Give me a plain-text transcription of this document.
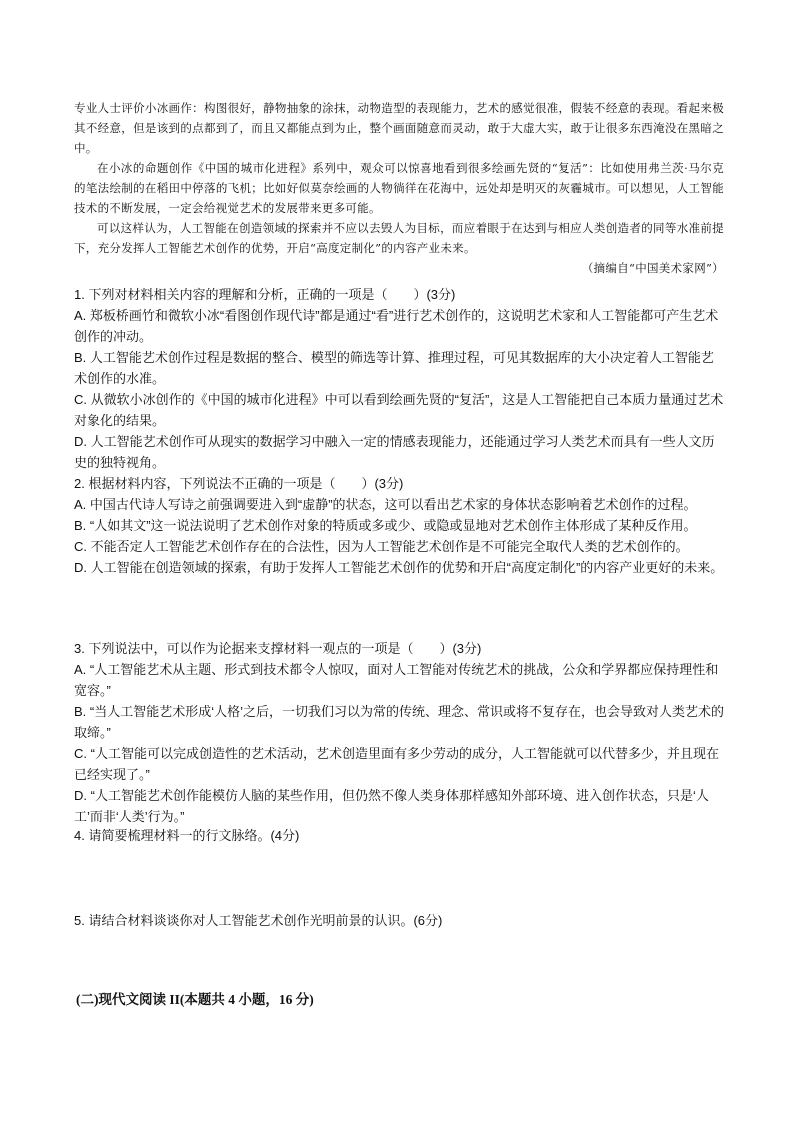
专业人士评价小冰画作：构图很好，静物抽象的涂抹，动物造型的表现能力，艺术的感觉很准，假装不经意的表现。看起来极其不经意，但是该到的点都到了，而且又都能点到为止，整个画面随意而灵动，敢于大虚大实，敢于让很多东西淹没在黑暗之中。

在小冰的命题创作《中国的城市化进程》系列中，观众可以惊喜地看到很多绘画先贤的“复活”：比如使用弗兰茨·马尔克的笔法绘制的在稻田中停落的飞机；比如好似莫奈绘画的人物徜徉在花海中，远处却是明灭的灰霾城市。可以想见，人工智能技术的不断发展，一定会给视觉艺术的发展带来更多可能。

可以这样认为，人工智能在创造领域的探索并不应以去毁人为目标，而应着眼于在达到与相应人类创造者的同等水准前提下，充分发挥人工智能艺术创作的优势，开启“高度定制化”的内容产业未来。

（摘编自“中国美术家网”）

1. 下列对材料相关内容的理解和分析，正确的一项是（　　）(3分)

A. 郑板桥画竹和微软小冰“看图创作现代诗”都是通过“看”进行艺术创作的，这说明艺术家和人工智能都可产生艺术创作的冲动。

B. 人工智能艺术创作过程是数据的整合、模型的筛选等计算、推理过程，可见其数据库的大小决定着人工智能艺术创作的水准。

C. 从微软小冰创作的《中国的城市化进程》中可以看到绘画先贤的“复活”，这是人工智能把自己本质力量通过艺术对象化的结果。

D. 人工智能艺术创作可从现实的数据学习中融入一定的情感表现能力，还能通过学习人类艺术而具有一些人文历史的独特视角。

2. 根据材料内容，下列说法不正确的一项是（　　）(3分)

A. 中国古代诗人写诗之前强调要进入到“虚静”的状态，这可以看出艺术家的身体状态影响着艺术创作的过程。

B. “人如其文”这一说法说明了艺术创作对象的特质或多或少、或隐或显地对艺术创作主体形成了某种反作用。

C. 不能否定人工智能艺术创作存在的合法性，因为人工智能艺术创作是不可能完全取代人类的艺术创作的。

D. 人工智能在创造领域的探索，有助于发挥人工智能艺术创作的优势和开启“高度定制化”的内容产业更好的未来。

3. 下列说法中，可以作为论据来支撑材料一观点的一项是（　　）(3分)

A. “人工智能艺术从主题、形式到技术都令人惊叹，面对人工智能对传统艺术的挑战，公众和学界都应保持理性和宽容。”

B. “当人工智能艺术形成‘人格’之后，一切我们习以为常的传统、理念、常识或将不复存在，也会导致对人类艺术的取缔。”

C. “人工智能可以完成创造性的艺术活动，艺术创造里面有多少劳动的成分，人工智能就可以代替多少，并且现在已经实现了。”

D. “人工智能艺术创作能模仿人脑的某些作用，但仍然不像人类身体那样感知外部环境、进入创作状态，只是‘人工’而非‘人类’行为。”

4. 请简要梳理材料一的行文脉络。(4分)

5. 请结合材料谈谈你对人工智能艺术创作光明前景的认识。(6分)

(二)现代文阅读 II(本题共 4 小题，16 分)
